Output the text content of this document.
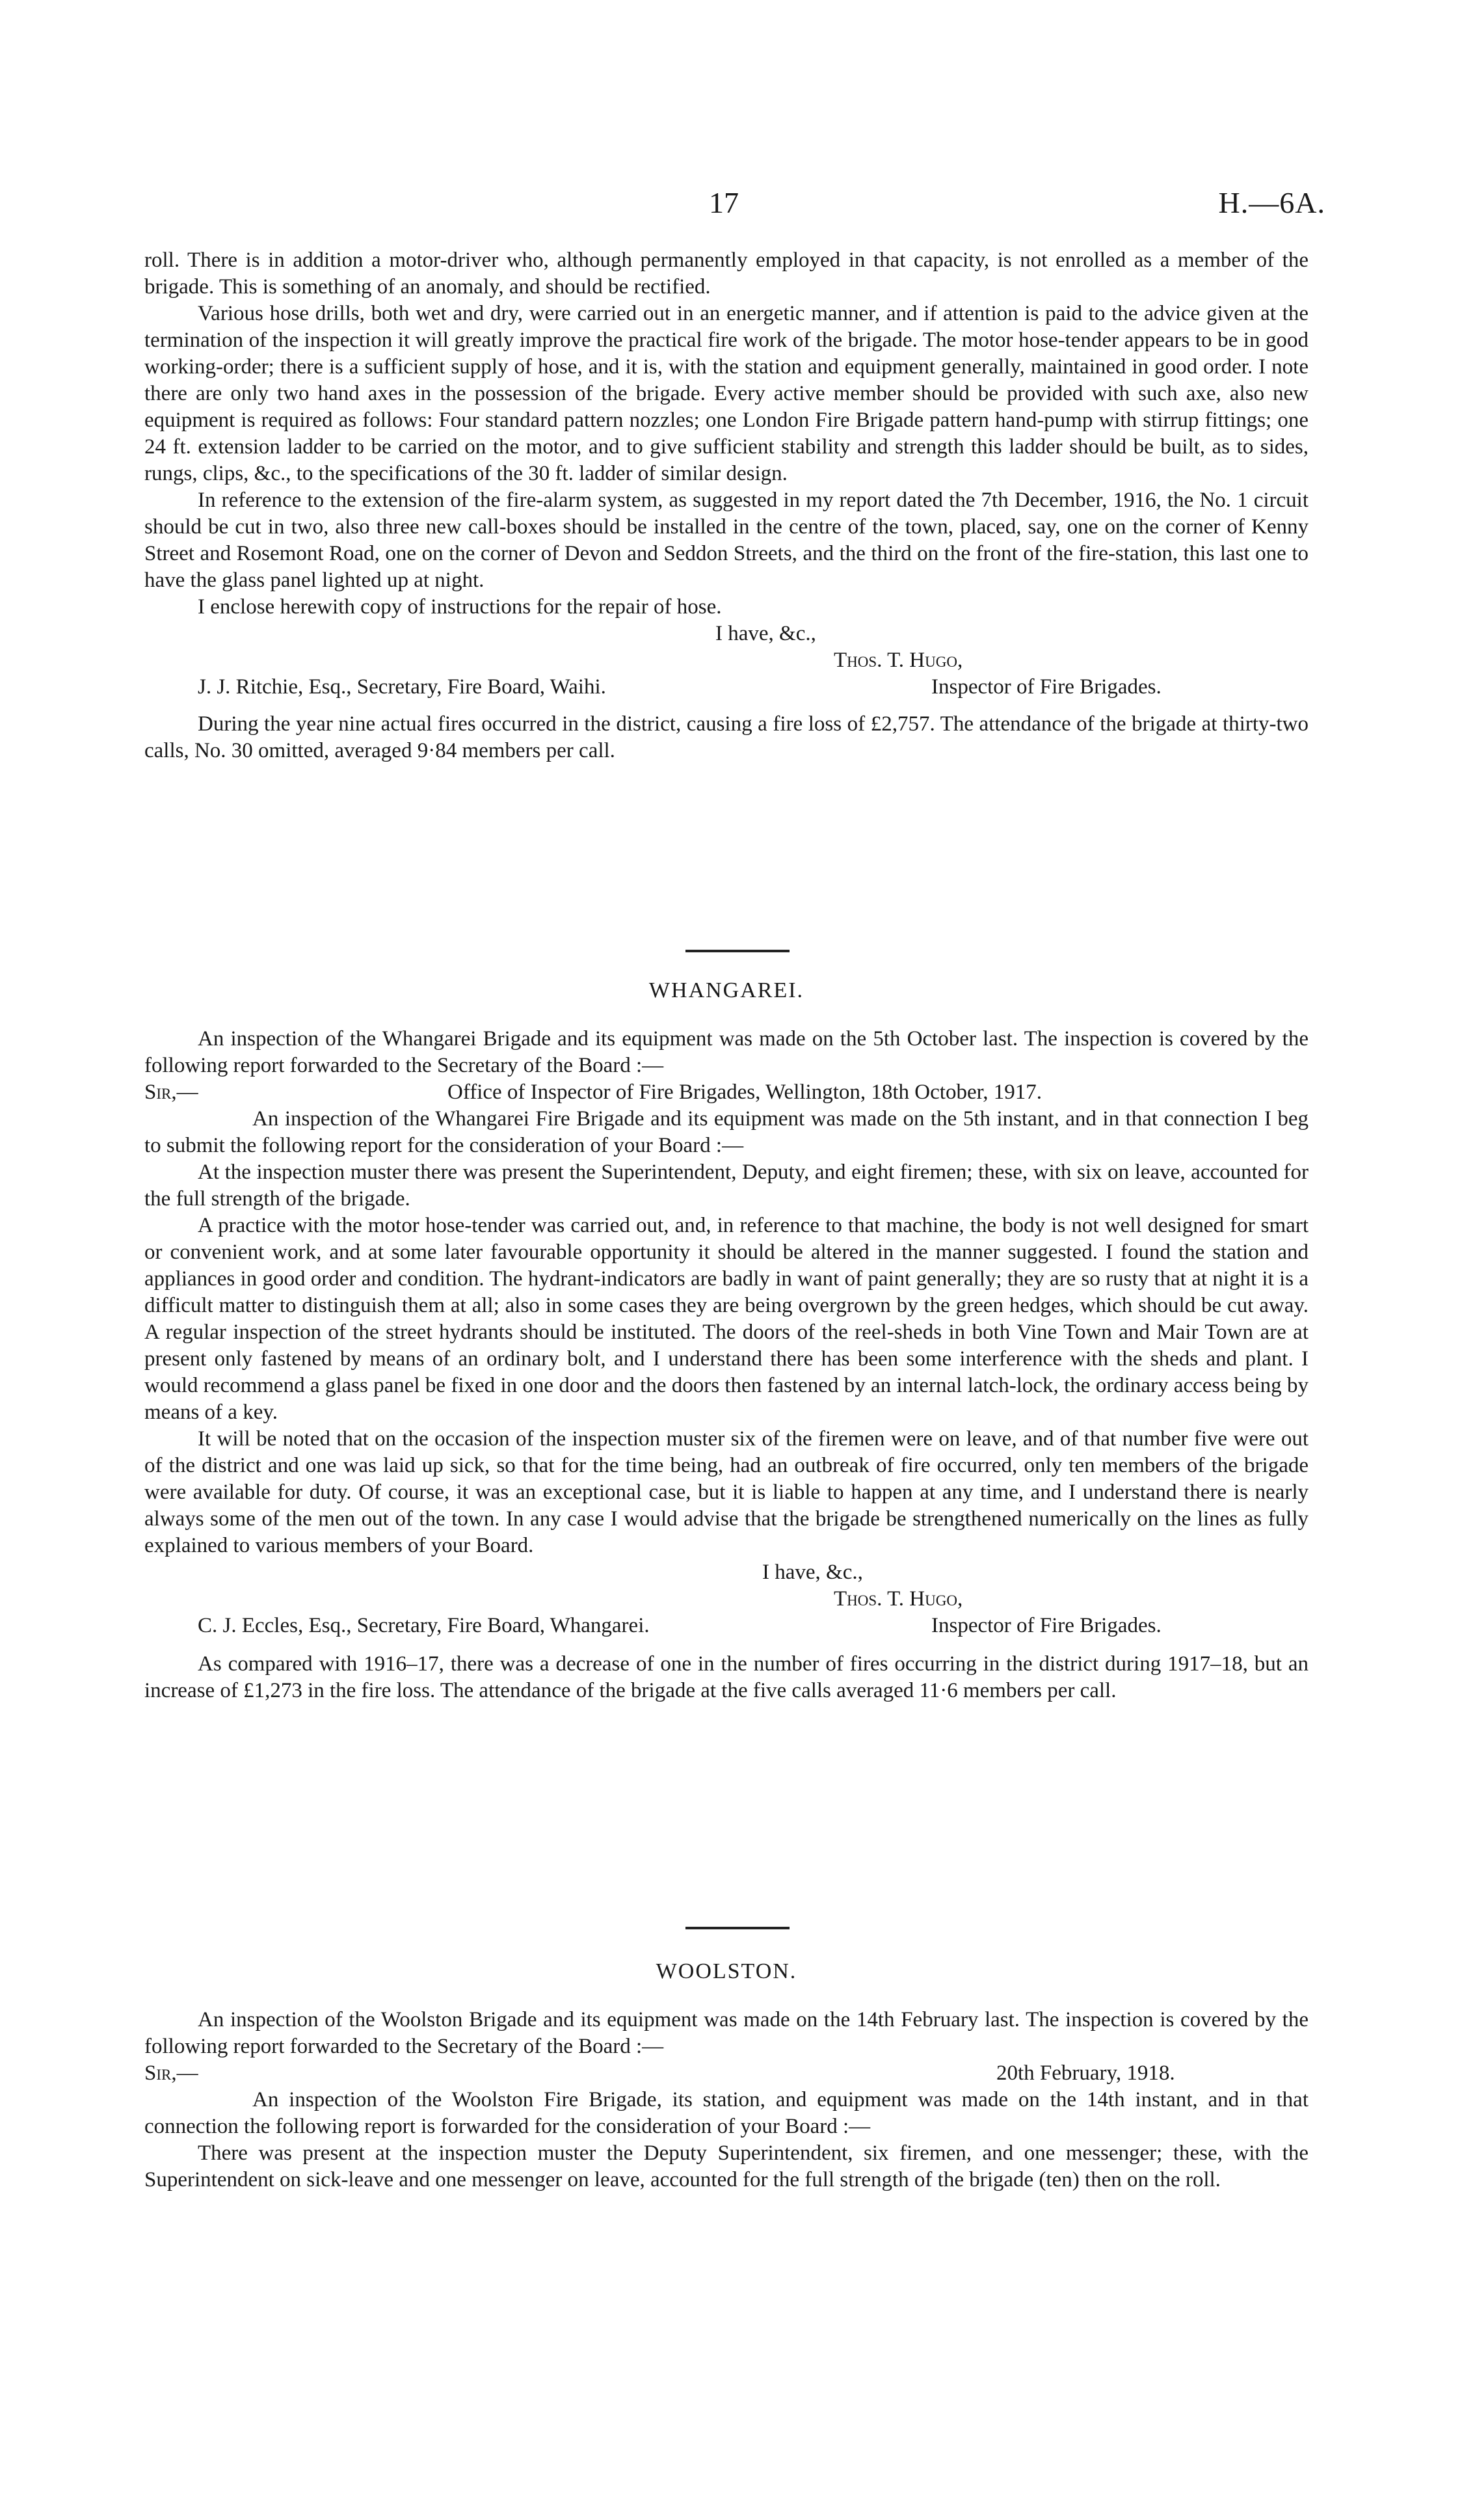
17	H.—6A.

roll. There is in addition a motor-driver who, although permanently employed in that capacity, is not enrolled as a member of the brigade. This is something of an anomaly, and should be rectified.

Various hose drills, both wet and dry, were carried out in an energetic manner, and if attention is paid to the advice given at the termination of the inspection it will greatly improve the practical fire work of the brigade. The motor hose-tender appears to be in good working-order; there is a sufficient supply of hose, and it is, with the station and equipment generally, maintained in good order. I note there are only two hand axes in the possession of the brigade. Every active member should be provided with such axe, also new equipment is required as follows: Four standard pattern nozzles; one London Fire Brigade pattern hand-pump with stirrup fittings; one 24 ft. extension ladder to be carried on the motor, and to give sufficient stability and strength this ladder should be built, as to sides, rungs, clips, &c., to the specifications of the 30 ft. ladder of similar design.

In reference to the extension of the fire-alarm system, as suggested in my report dated the 7th December, 1916, the No. 1 circuit should be cut in two, also three new call-boxes should be installed in the centre of the town, placed, say, one on the corner of Kenny Street and Rosemont Road, one on the corner of Devon and Seddon Streets, and the third on the front of the fire-station, this last one to have the glass panel lighted up at night.

I enclose herewith copy of instructions for the repair of hose.

I have, &c.,
Thos. T. Hugo,
J. J. Ritchie, Esq., Secretary, Fire Board, Waihi.	Inspector of Fire Brigades.

During the year nine actual fires occurred in the district, causing a fire loss of £2,757. The attendance of the brigade at thirty-two calls, No. 30 omitted, averaged 9·84 members per call.

WHANGAREI.

An inspection of the Whangarei Brigade and its equipment was made on the 5th October last. The inspection is covered by the following report forwarded to the Secretary of the Board :—

Sir,—	Office of Inspector of Fire Brigades, Wellington, 18th October, 1917.

An inspection of the Whangarei Fire Brigade and its equipment was made on the 5th instant, and in that connection I beg to submit the following report for the consideration of your Board :—

At the inspection muster there was present the Superintendent, Deputy, and eight firemen; these, with six on leave, accounted for the full strength of the brigade.

A practice with the motor hose-tender was carried out, and, in reference to that machine, the body is not well designed for smart or convenient work, and at some later favourable opportunity it should be altered in the manner suggested. I found the station and appliances in good order and condition. The hydrant-indicators are badly in want of paint generally; they are so rusty that at night it is a difficult matter to distinguish them at all; also in some cases they are being overgrown by the green hedges, which should be cut away. A regular inspection of the street hydrants should be instituted. The doors of the reel-sheds in both Vine Town and Mair Town are at present only fastened by means of an ordinary bolt, and I understand there has been some interference with the sheds and plant. I would recommend a glass panel be fixed in one door and the doors then fastened by an internal latch-lock, the ordinary access being by means of a key.

It will be noted that on the occasion of the inspection muster six of the firemen were on leave, and of that number five were out of the district and one was laid up sick, so that for the time being, had an outbreak of fire occurred, only ten members of the brigade were available for duty. Of course, it was an exceptional case, but it is liable to happen at any time, and I understand there is nearly always some of the men out of the town. In any case I would advise that the brigade be strengthened numerically on the lines as fully explained to various members of your Board.

I have, &c.,
Thos. T. Hugo,
C. J. Eccles, Esq., Secretary, Fire Board, Whangarei.	Inspector of Fire Brigades.

As compared with 1916–17, there was a decrease of one in the number of fires occurring in the district during 1917–18, but an increase of £1,273 in the fire loss. The attendance of the brigade at the five calls averaged 11·6 members per call.

WOOLSTON.

An inspection of the Woolston Brigade and its equipment was made on the 14th February last. The inspection is covered by the following report forwarded to the Secretary of the Board :—

Sir,—	20th February, 1918.

An inspection of the Woolston Fire Brigade, its station, and equipment was made on the 14th instant, and in that connection the following report is forwarded for the consideration of your Board :—

There was present at the inspection muster the Deputy Superintendent, six firemen, and one messenger; these, with the Superintendent on sick-leave and one messenger on leave, accounted for the full strength of the brigade (ten) then on the roll.
